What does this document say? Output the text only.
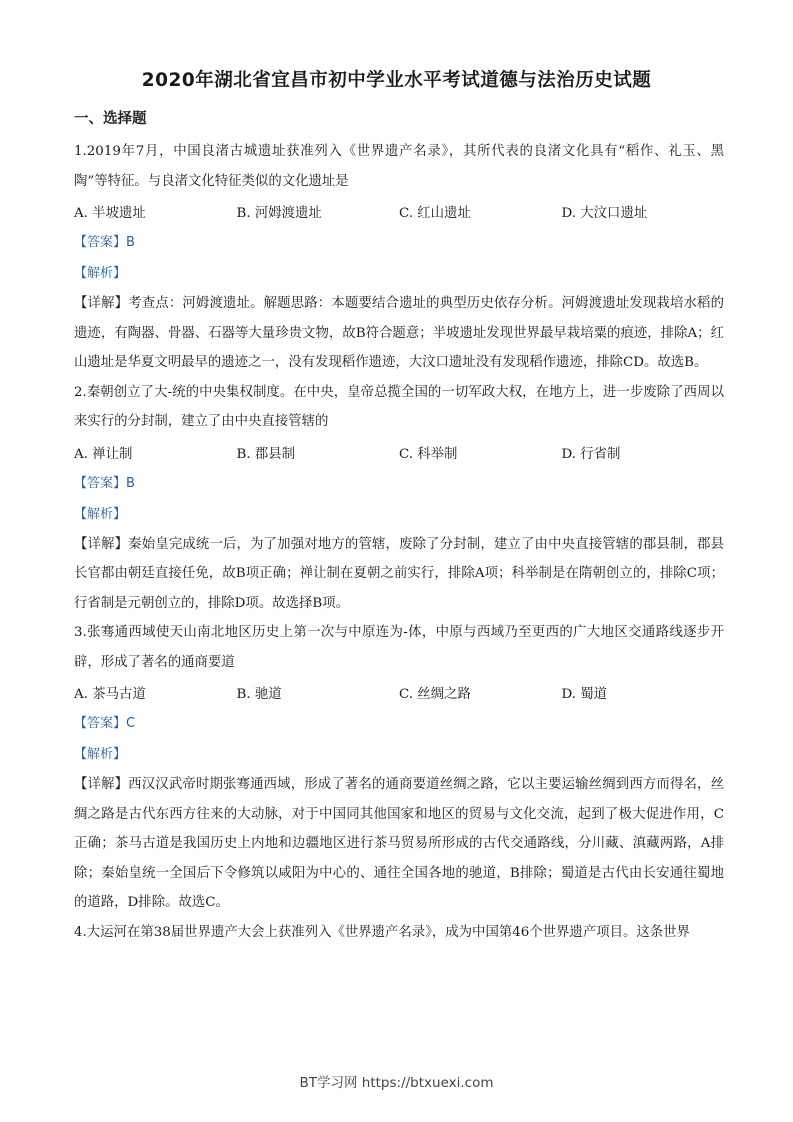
2020年湖北省宜昌市初中学业水平考试道德与法治历史试题
一、选择题

1.2019年7月，中国良渚古城遗址获准列入《世界遗产名录》，其所代表的良渚文化具有“稻作、礼玉、黑陶”等特征。与良渚文化特征类似的文化遗址是

A. 半坡遗址	B. 河姆渡遗址	C. 红山遗址	D. 大汶口遗址
【答案】B
【解析】

【详解】考查点：河姆渡遗址。解题思路：本题要结合遗址的典型历史依存分析。河姆渡遗址发现栽培水稻的遗迹，有陶器、骨器、石器等大量珍贵文物，故B符合题意；半坡遗址发现世界最早栽培粟的痕迹，排除A；红山遗址是华夏文明最早的遗迹之一，没有发现稻作遗迹，大汶口遗址没有发现稻作遗迹，排除CD。故选B。

2.秦朝创立了大-统的中央集权制度。在中央，皇帝总揽全国的一切军政大权，在地方上，进一步废除了西周以来实行的分封制，建立了由中央直接管辖的

A. 禅让制	B. 郡县制	C. 科举制	D. 行省制
【答案】B
【解析】

【详解】秦始皇完成统一后，为了加强对地方的管辖，废除了分封制，建立了由中央直接管辖的郡县制，郡县长官都由朝廷直接任免，故B项正确；禅让制在夏朝之前实行，排除A项；科举制是在隋朝创立的，排除C项；行省制是元朝创立的，排除D项。故选择B项。

3.张骞通西域使天山南北地区历史上第一次与中原连为-体，中原与西域乃至更西的广大地区交通路线逐步开辟，形成了著名的通商要道

A. 茶马古道	B. 驰道	C. 丝绸之路	D. 蜀道
【答案】C
【解析】

【详解】西汉汉武帝时期张骞通西域，形成了著名的通商要道丝绸之路，它以主要运输丝绸到西方而得名，丝绸之路是古代东西方往来的大动脉，对于中国同其他国家和地区的贸易与文化交流，起到了极大促进作用，C正确；茶马古道是我国历史上内地和边疆地区进行茶马贸易所形成的古代交通路线，分川藏、滇藏两路，A排除；秦始皇统一全国后下令修筑以咸阳为中心的、通往全国各地的驰道，B排除；蜀道是古代由长安通往蜀地的道路，D排除。故选C。

4.大运河在第38届世界遗产大会上获准列入《世界遗产名录》，成为中国第46个世界遗产项目。这条世界

BT学习网 https://btxuexi.com
